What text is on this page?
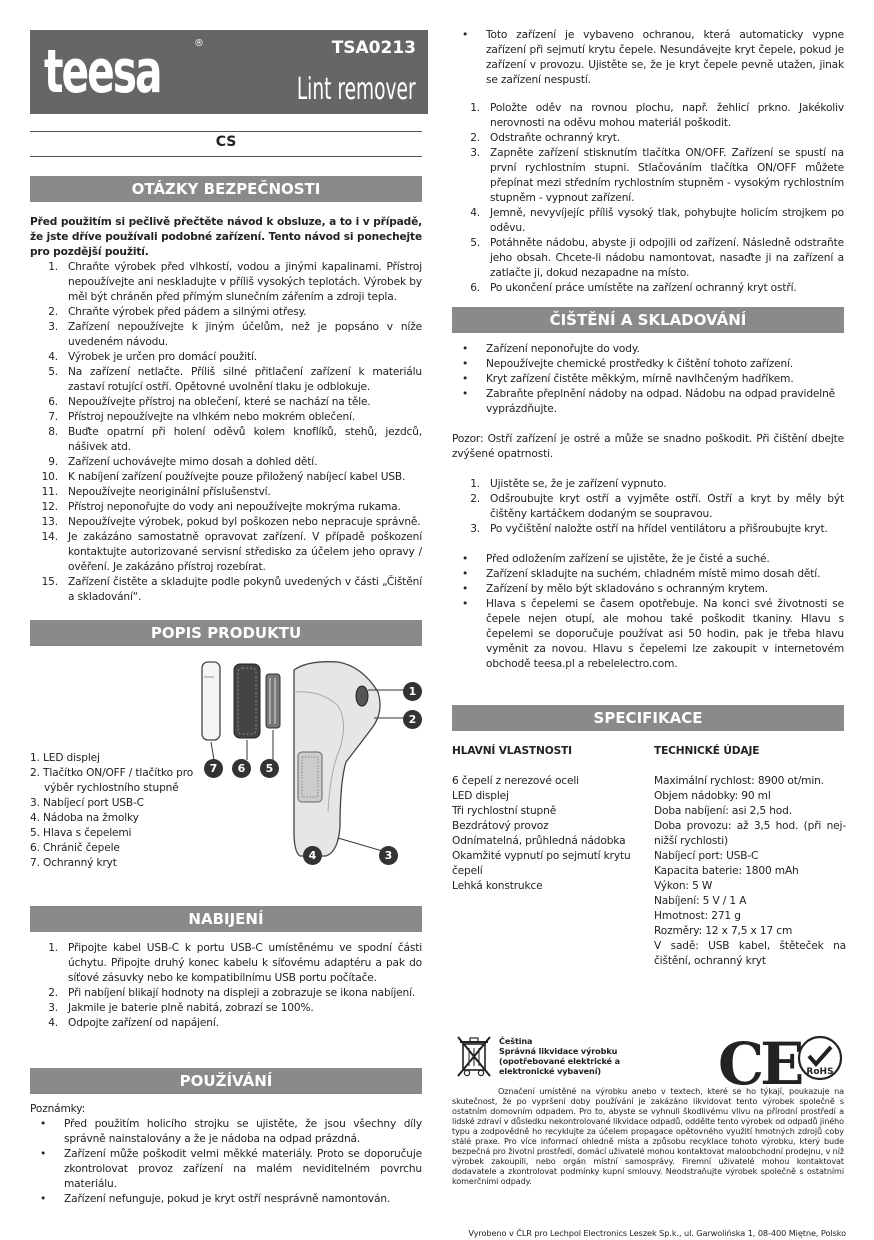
teesa	®	TSA0213
Lint remover
CS
OTÁZKY BEZPEČNOSTI
Před použitím si pečlivě přečtěte návod k obsluze, a to i v případě, že jste dříve používali podobné zařízení. Tento návod si ponechejte pro pozdější použití.
1. Chraňte výrobek před vlhkostí, vodou a jinými kapalinami. Přístroj nepoužívejte ani neskladujte v příliš vysokých teplotách. Výrobek by měl být chráněn před přímým slunečním zářením a zdroji tepla.
2. Chraňte výrobek před pádem a silnými otřesy.
3. Zařízení nepoužívejte k jiným účelům, než je popsáno v níže uvedeném návodu.
4. Výrobek je určen pro domácí použití.
5. Na zařízení netlačte. Příliš silné přitlačení zařízení k materiálu zastaví rotující ostří. Opětovné uvolnění tlaku je odblokuje.
6. Nepoužívejte přístroj na oblečení, které se nachází na těle.
7. Přístroj nepoužívejte na vlhkém nebo mokrém oblečení.
8. Buďte opatrní při holení oděvů kolem knoflíků, stehů, jezdců, nášivek atd.
9. Zařízení uchovávejte mimo dosah a dohled dětí.
10. K nabíjení zařízení používejte pouze přiložený nabíjecí kabel USB.
11. Nepoužívejte neoriginální příslušenství.
12. Přístroj neponořujte do vody ani nepoužívejte mokrýma rukama.
13. Nepoužívejte výrobek, pokud byl poškozen nebo nepracuje správně.
14. Je zakázáno samostatně opravovat zařízení. V případě poškození kontaktujte autorizované servisní středisko za účelem jeho opravy / ověření. Je zakázáno přístroj rozebírat.
15. Zařízení čistěte a skladujte podle pokynů uvedených v části „Čištění a skladování“.
POPIS PRODUKTU
1
2
3
4
5
6
7
1. LED displej
2. Tlačítko ON/OFF / tlačítko pro výběr rychlostního stupně
3. Nabíjecí port USB-C
4. Nádoba na žmolky
5. Hlava s čepelemi
6. Chránič čepele
7. Ochranný kryt
NABIJENÍ
1. Připojte kabel USB-C k portu USB-C umístěnému ve spodní části úchytu. Připojte druhý konec kabelu k síťovému adaptéru a pak do síťové zásuvky nebo ke kompatibilnímu USB portu počítače.
2. Při nabíjení blikají hodnoty na displeji a zobrazuje se ikona nabíjení.
3. Jakmile je baterie plně nabitá, zobrazí se 100%.
4. Odpojte zařízení od napájení.
POUŽÍVÁNÍ
Poznámky:
• Před použitím holicího strojku se ujistěte, že jsou všechny díly správně nainstalovány a že je nádoba na odpad prázdná.
• Zařízení může poškodit velmi měkké materiály. Proto se doporučuje zkontrolovat provoz zařízení na malém neviditelném povrchu materiálu.
• Zařízení nefunguje, pokud je kryt ostří nesprávně namontován.
• Toto zařízení je vybaveno ochranou, která automaticky vypne zařízení při sejmutí krytu čepele. Nesundávejte kryt čepele, pokud je zařízení v provozu. Ujistěte se, že je kryt čepele pevně utažen, jinak se zařízení nespustí.
1. Položte oděv na rovnou plochu, např. žehlicí prkno. Jakékoliv nerovnosti na oděvu mohou materiál poškodit.
2. Odstraňte ochranný kryt.
3. Zapněte zařízení stisknutím tlačítka ON/OFF. Zařízení se spustí na první rychlostním stupni. Stlačováním tlačítka ON/OFF můžete přepínat mezi středním rychlostním stupněm - vysokým rychlostním stupněm - vypnout zařízení.
4. Jemně, nevyvíjejíc příliš vysoký tlak, pohybujte holicím strojkem po oděvu.
5. Potáhněte nádobu, abyste ji odpojili od zařízení. Následně odstraňte jeho obsah. Chcete-li nádobu namontovat, nasaďte ji na zařízení a zatlačte ji, dokud nezapadne na místo.
6. Po ukončení práce umístěte na zařízení ochranný kryt ostří.
ČIŠTĚNÍ A SKLADOVÁNÍ
• Zařízení neponořujte do vody.
• Nepoužívejte chemické prostředky k čištění tohoto zařízení.
• Kryt zařízení čistěte měkkým, mírně navlhčeným hadříkem.
• Zabraňte přeplnění nádoby na odpad. Nádobu na odpad pravidelně vyprázdňujte.
Pozor: Ostří zařízení je ostré a může se snadno poškodit. Při čištění dbejte zvýšené opatrnosti.
1. Ujistěte se, že je zařízení vypnuto.
2. Odšroubujte kryt ostří a vyjměte ostří. Ostří a kryt by měly být čištěny kartáčkem dodaným se soupravou.
3. Po vyčištění naložte ostří na hřídel ventilátoru a přišroubujte kryt.
• Před odložením zařízení se ujistěte, že je čisté a suché.
• Zařízení skladujte na suchém, chladném místě mimo dosah dětí.
• Zařízení by mělo být skladováno s ochranným krytem.
• Hlava s čepelemi se časem opotřebuje. Na konci své životnosti se čepele nejen otupí, ale mohou také poškodit tkaniny. Hlavu s čepelemi se doporučuje používat asi 50 hodin, pak je třeba hlavu vyměnit za novou. Hlavu s čepelemi lze zakoupit v internetovém obchodě teesa.pl a rebelelectro.com.
SPECIFIKACE
HLAVNÍ VLASTNOSTI
6 čepelí z nerezové oceli
LED displej
Tři rychlostní stupně
Bezdrátový provoz
Odnímatelná, průhledná nádobka
Okamžité vypnutí po sejmutí krytu čepelí
Lehká konstrukce
TECHNICKÉ ÚDAJE
Maximální rychlost: 8900 ot/min.
Objem nádobky: 90 ml
Doba nabíjení: asi 2,5 hod.
Doba provozu: až 3,5 hod. (při nej-nižší rychlosti)
Nabíjecí port: USB-C
Kapacita baterie: 1800 mAh
Výkon: 5 W
Nabíjení: 5 V / 1 A
Hmotnost: 271 g
Rozměry: 12 x 7,5 x 17 cm
V sadě: USB kabel, štěteček na čištění, ochranný kryt
Čeština
Správná likvidace výrobku (opotřebované elektrické a elektronické vybavení)	CE RoHS
Označení umístěné na výrobku anebo v textech, které se ho týkají, poukazuje na skutečnost, že po vypršení doby používání je zakázáno likvidovat tento výrobek společně s ostatním domovním odpadem. Pro to, abyste se vyhnuli škodlivému vlivu na přírodní prostředí a lidské zdraví v důsledku nekontrolované likvidace odpadů, oddělte tento výrobek od odpadů jiného typu a zodpovědně ho recyklujte za účelem propagace opětovného využití hmotných zdrojů coby stálé praxe. Pro více informací ohledně místa a způsobu recyklace tohoto výrobku, který bude bezpečná pro životní prostředí, domácí uživatelé mohou kontaktovat maloobchodní prodejnu, v níž výrobek zakoupili, nebo orgán místní samosprávy. Firemní uživatelé mohou kontaktovat dodavatele a zkontrolovat podmínky kupní smlouvy. Neodstraňujte výrobek společně s ostatními komerčními odpady.
Vyrobeno v ČLR pro Lechpol Electronics Leszek Sp.k., ul. Garwolińska 1, 08-400 Miętne, Polsko
